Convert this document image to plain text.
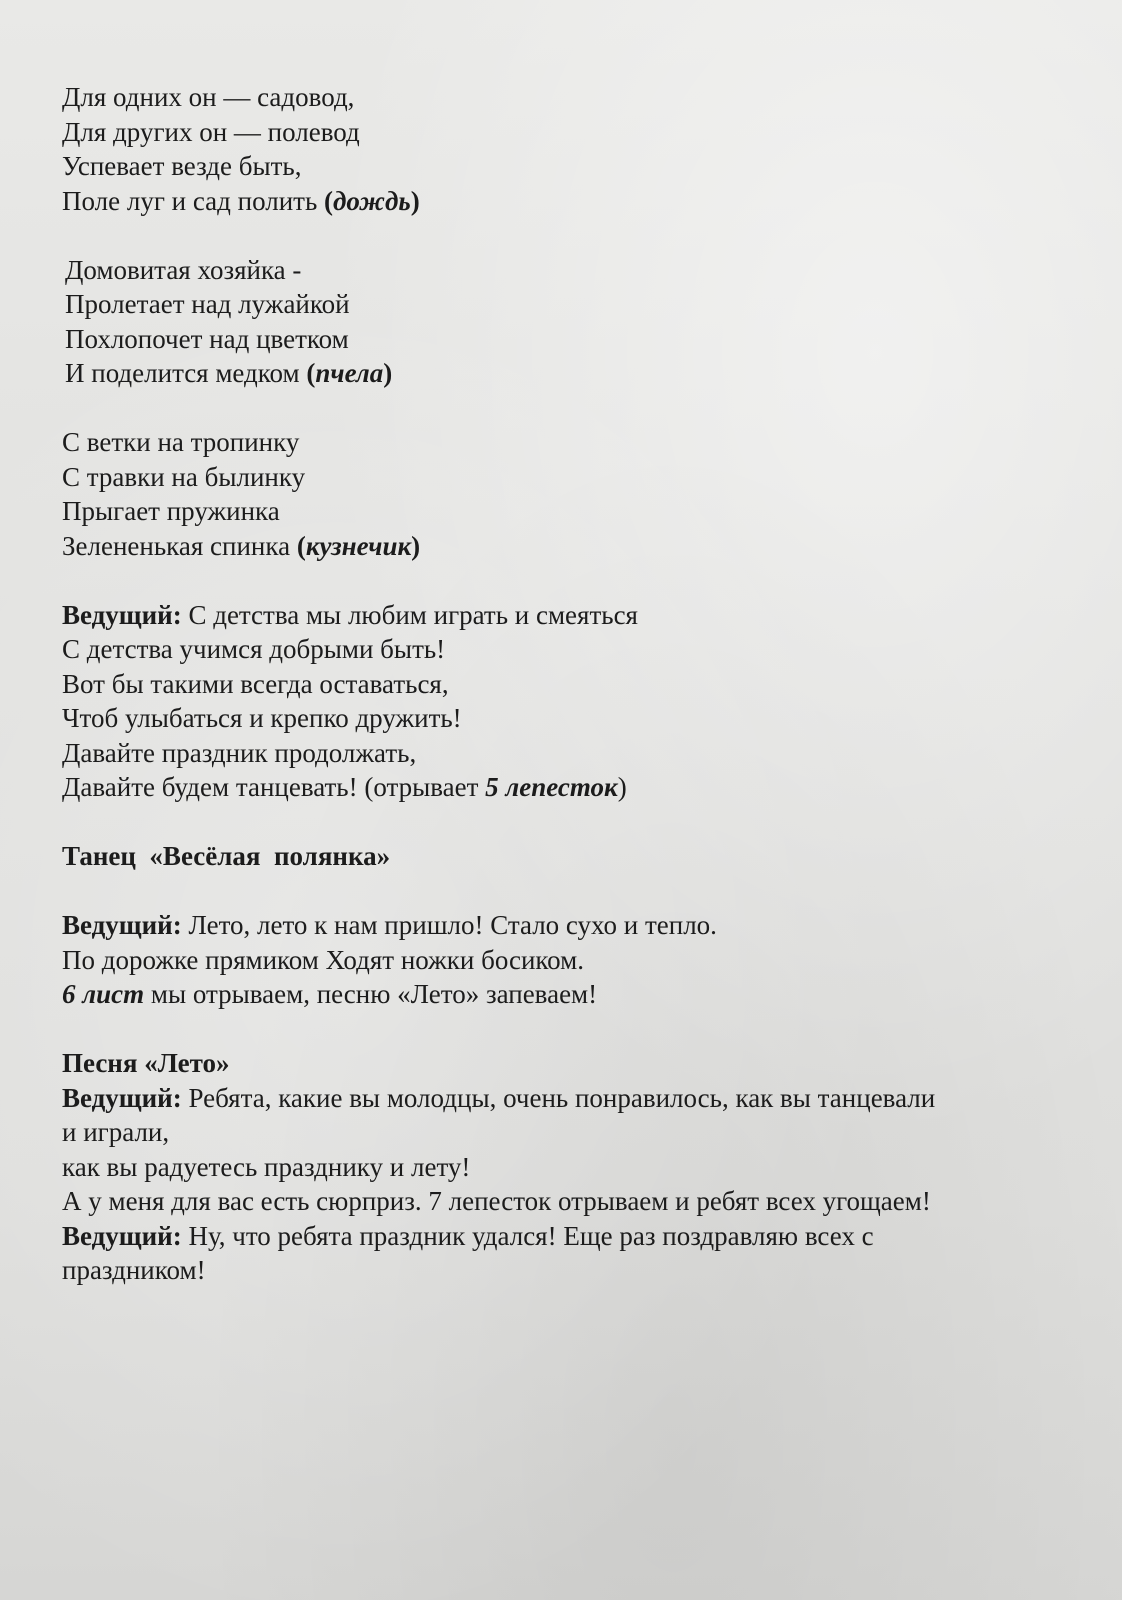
Для одних он — садовод,
Для других он — полевод
Успевает везде быть,
Поле луг и сад полить (дождь)
Домовитая хозяйка -
Пролетает над лужайкой
Похлопочет над цветком
И поделится медком (пчела)
С ветки на тропинку
С травки на былинку
Прыгает пружинка
Зелененькая спинка (кузнечик)
Ведущий: С детства мы любим играть и смеяться
С детства учимся добрыми быть!
Вот бы такими всегда оставаться,
Чтоб улыбаться и крепко дружить!
Давайте праздник продолжать,
Давайте будем танцевать! (отрывает 5 лепесток)
Танец  «Весёлая  полянка»
Ведущий: Лето, лето к нам пришло! Стало сухо и тепло.
По дорожке прямиком Ходят ножки босиком.
6 лист мы отрываем, песню «Лето» запеваем!
Песня «Лето»
Ведущий: Ребята, какие вы молодцы, очень понравилось, как вы танцевали
и играли,
как вы радуетесь празднику и лету!
А у меня для вас есть сюрприз. 7 лепесток отрываем и ребят всех угощаем!
Ведущий: Ну, что ребята праздник удался! Еще раз поздравляю всех с
праздником!
